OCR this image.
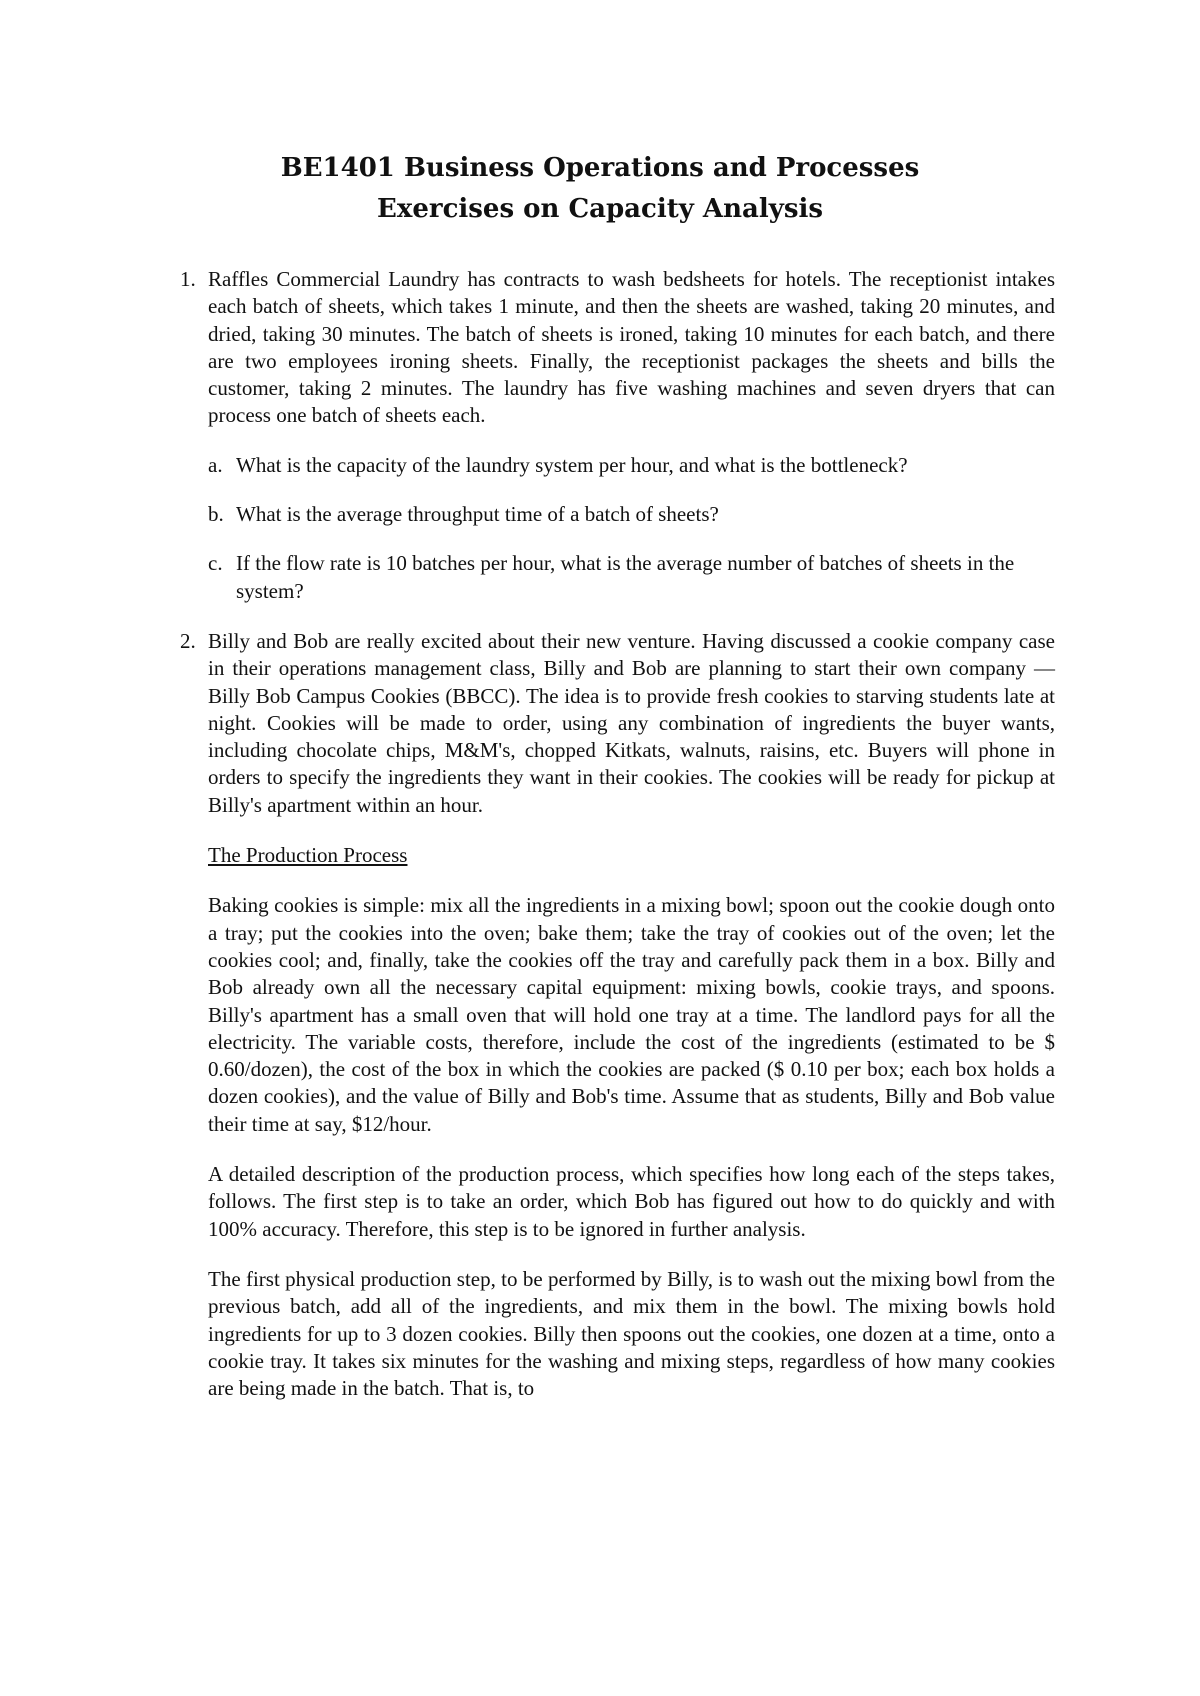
BE1401 Business Operations and Processes
Exercises on Capacity Analysis
1. Raffles Commercial Laundry has contracts to wash bedsheets for hotels. The receptionist intakes each batch of sheets, which takes 1 minute, and then the sheets are washed, taking 20 minutes, and dried, taking 30 minutes. The batch of sheets is ironed, taking 10 minutes for each batch, and there are two employees ironing sheets. Finally, the receptionist packages the sheets and bills the customer, taking 2 minutes. The laundry has five washing machines and seven dryers that can process one batch of sheets each.

a. What is the capacity of the laundry system per hour, and what is the bottleneck?
b. What is the average throughput time of a batch of sheets?
c. If the flow rate is 10 batches per hour, what is the average number of batches of sheets in the system?
2. Billy and Bob are really excited about their new venture. Having discussed a cookie company case in their operations management class, Billy and Bob are planning to start their own company — Billy Bob Campus Cookies (BBCC). The idea is to provide fresh cookies to starving students late at night. Cookies will be made to order, using any combination of ingredients the buyer wants, including chocolate chips, M&M's, chopped Kitkats, walnuts, raisins, etc. Buyers will phone in orders to specify the ingredients they want in their cookies. The cookies will be ready for pickup at Billy's apartment within an hour.

The Production Process

Baking cookies is simple: mix all the ingredients in a mixing bowl; spoon out the cookie dough onto a tray; put the cookies into the oven; bake them; take the tray of cookies out of the oven; let the cookies cool; and, finally, take the cookies off the tray and carefully pack them in a box. Billy and Bob already own all the necessary capital equipment: mixing bowls, cookie trays, and spoons. Billy's apartment has a small oven that will hold one tray at a time. The landlord pays for all the electricity. The variable costs, therefore, include the cost of the ingredients (estimated to be $ 0.60/dozen), the cost of the box in which the cookies are packed ($ 0.10 per box; each box holds a dozen cookies), and the value of Billy and Bob's time. Assume that as students, Billy and Bob value their time at say, $12/hour.

A detailed description of the production process, which specifies how long each of the steps takes, follows. The first step is to take an order, which Bob has figured out how to do quickly and with 100% accuracy. Therefore, this step is to be ignored in further analysis.

The first physical production step, to be performed by Billy, is to wash out the mixing bowl from the previous batch, add all of the ingredients, and mix them in the bowl. The mixing bowls hold ingredients for up to 3 dozen cookies. Billy then spoons out the cookies, one dozen at a time, onto a cookie tray. It takes six minutes for the washing and mixing steps, regardless of how many cookies are being made in the batch. That is, to
